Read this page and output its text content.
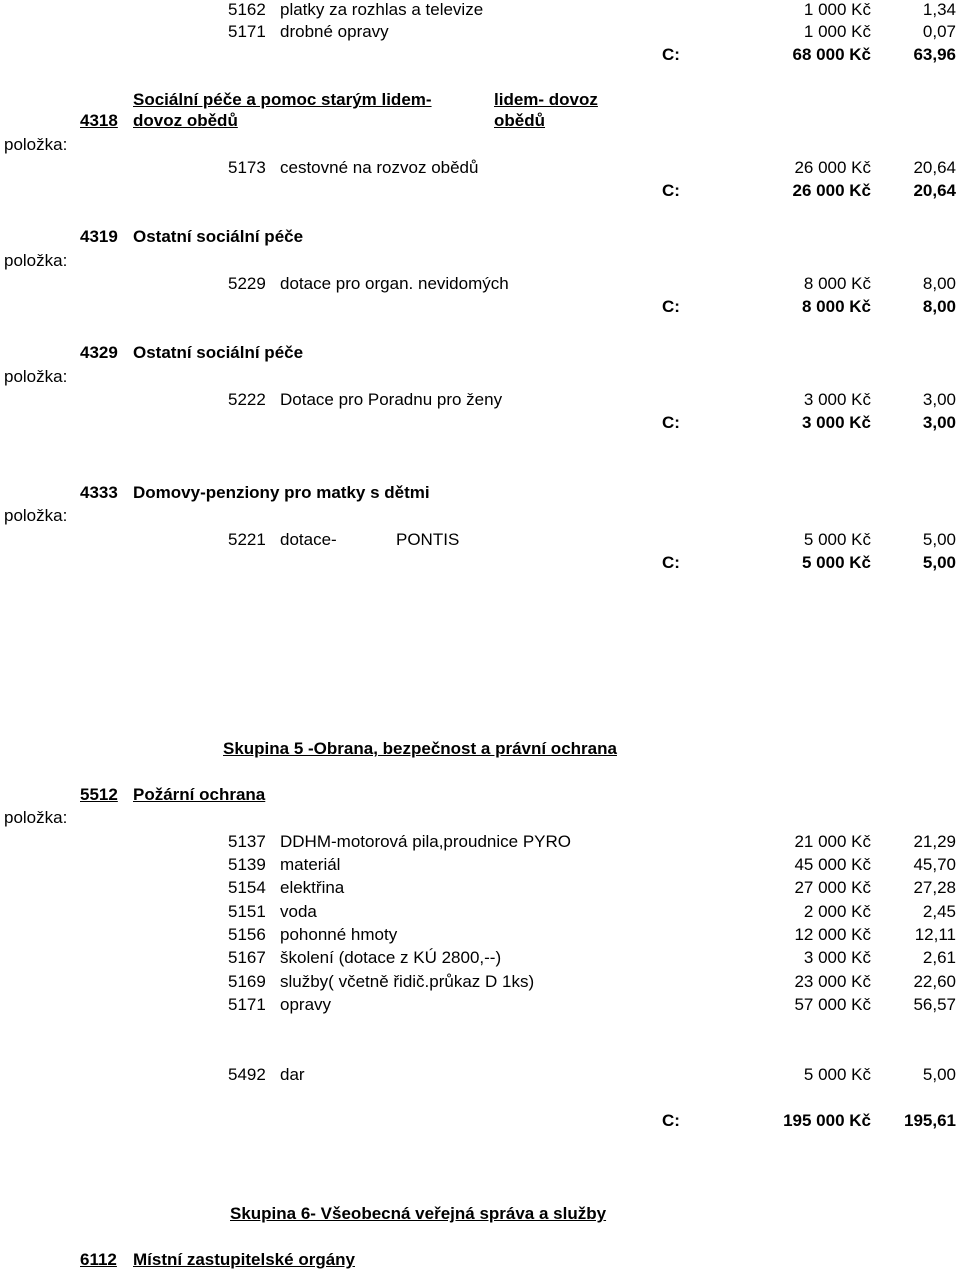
5162 platky za rozhlas a televize	1 000 Kč	1,34
5171 drobné opravy	1 000 Kč	0,07
C:	68 000 Kč	63,96
4318
Sociální péče a pomoc starým lidem-
dovoz obědů
lidem- dovoz
obědů
položka:
5173 cestovné na rozvoz obědů	26 000 Kč	20,64
C:	26 000 Kč	20,64
4319 Ostatní sociální péče
položka:
5229 dotace pro organ. nevidomých	8 000 Kč	8,00
C:	8 000 Kč	8,00
4329 Ostatní sociální péče
položka:
5222 Dotace pro Poradnu pro ženy	3 000 Kč	3,00
C:	3 000 Kč	3,00
4333 Domovy-penziony pro matky s dětmi
položka:
5221 dotace-	PONTIS	5 000 Kč	5,00
C:	5 000 Kč	5,00
Skupina 5 -Obrana, bezpečnost a právní ochrana
5512 Požární ochrana
položka:
5137 DDHM-motorová pila,proudnice PYRO	21 000 Kč	21,29
5139 materiál	45 000 Kč	45,70
5154 elektřina	27 000 Kč	27,28
5151 voda	2 000 Kč	2,45
5156 pohonné hmoty	12 000 Kč	12,11
5167 školení (dotace z KÚ 2800,--)	3 000 Kč	2,61
5169 služby( včetně řidič.průkaz D 1ks)	23 000 Kč	22,60
5171 opravy	57 000 Kč	56,57
5492 dar	5 000 Kč	5,00
C:	195 000 Kč	195,61
Skupina 6- Všeobecná veřejná správa a služby
6112 Místní zastupitelské orgány
